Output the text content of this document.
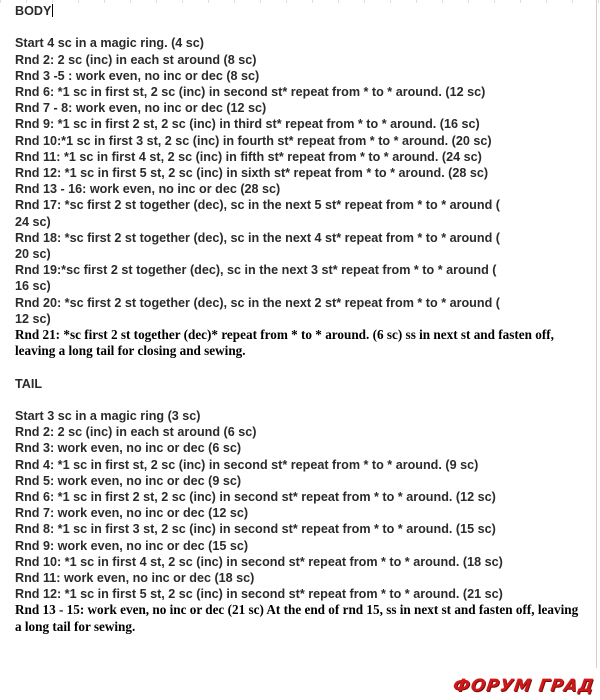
BODY
Start 4 sc in a magic ring. (4 sc)
Rnd 2: 2 sc (inc) in each st around (8 sc)
Rnd 3 -5 : work even, no inc or dec (8 sc)
Rnd 6: *1 sc in first st, 2 sc (inc) in second st* repeat from * to * around. (12 sc)
Rnd 7 - 8: work even, no inc or dec (12 sc)
Rnd 9: *1 sc in first 2 st, 2 sc (inc) in third st* repeat from * to * around. (16 sc)
Rnd 10:*1 sc in first 3 st, 2 sc (inc) in fourth st* repeat from * to * around. (20 sc)
Rnd 11: *1 sc in first 4 st, 2 sc (inc) in fifth st* repeat from * to * around. (24 sc)
Rnd 12: *1 sc in first 5 st, 2 sc (inc) in sixth st* repeat from * to * around. (28 sc)
Rnd 13 - 16: work even, no inc or dec (28 sc)
Rnd 17: *sc first 2 st together (dec), sc in the next 5 st* repeat from * to * around (
24 sc)
Rnd 18: *sc first 2 st together (dec), sc in the next 4 st* repeat from * to * around (
20 sc)
Rnd 19:*sc first 2 st together (dec), sc in the next 3 st* repeat from * to * around (
16 sc)
Rnd 20: *sc first 2 st together (dec), sc in the next 2 st* repeat from * to * around (
12 sc)
Rnd 21: *sc first 2 st together (dec)* repeat from * to * around. (6 sc) ss in next st and fasten off, leaving a long tail for closing and sewing.
TAIL
Start 3 sc in a magic ring (3 sc)
Rnd 2: 2 sc (inc) in each st around (6 sc)
Rnd 3: work even, no inc or dec (6 sc)
Rnd 4: *1 sc in first st, 2 sc (inc) in second st* repeat from * to * around. (9 sc)
Rnd 5: work even, no inc or dec (9 sc)
Rnd 6: *1 sc in first 2 st, 2 sc (inc) in second st* repeat from * to * around. (12 sc)
Rnd 7: work even, no inc or dec (12 sc)
Rnd 8: *1 sc in first 3 st, 2 sc (inc) in second st* repeat from * to * around. (15 sc)
Rnd 9: work even, no inc or dec (15 sc)
Rnd 10: *1 sc in first 4 st, 2 sc (inc) in second st* repeat from * to * around. (18 sc)
Rnd 11: work even, no inc or dec (18 sc)
Rnd 12: *1 sc in first 5 st, 2 sc (inc) in second st* repeat from * to * around. (21 sc)
Rnd 13 - 15: work even, no inc or dec (21 sc) At the end of rnd 15, ss in next st and fasten off, leaving a long tail for sewing.
ФОРУМ ГРАД
